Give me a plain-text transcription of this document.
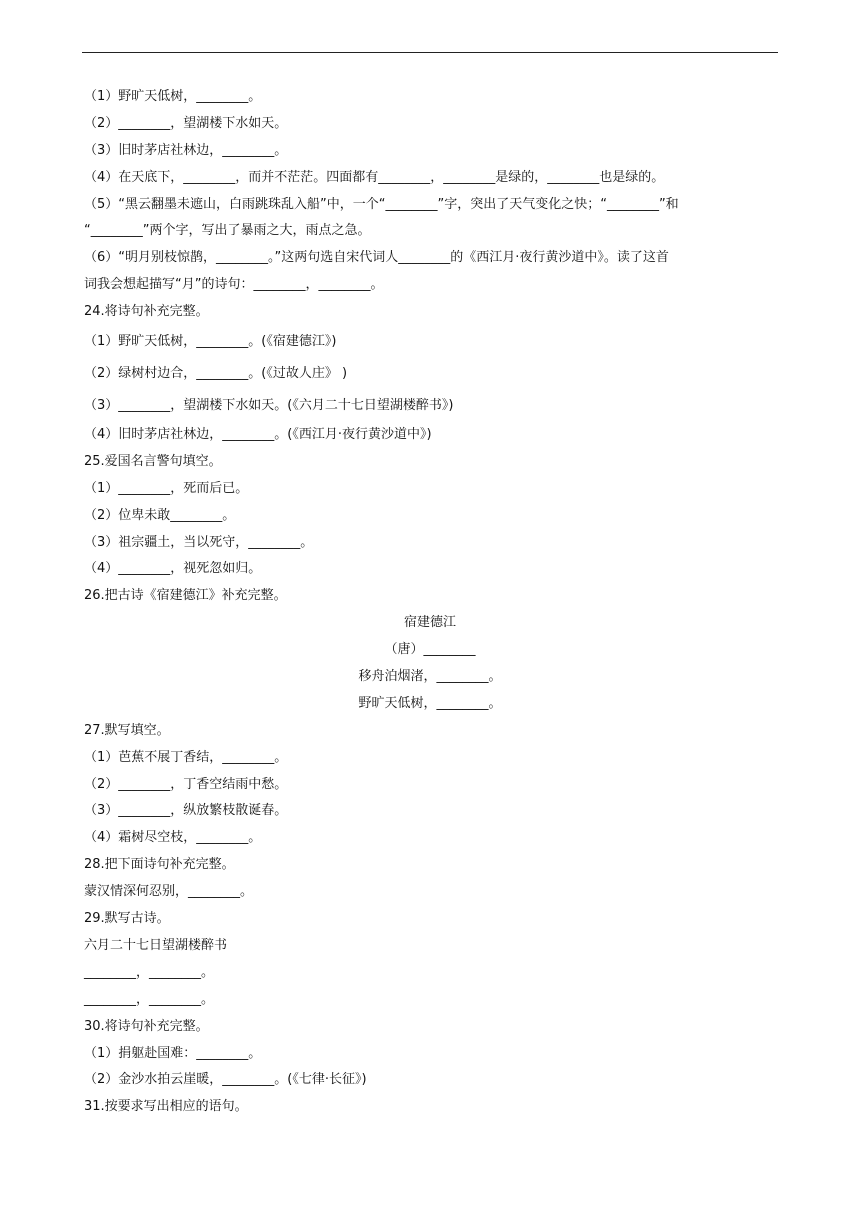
（1）野旷天低树，________。
（2）________，望湖楼下水如天。
（3）旧时茅店社林边，________。
（4）在天底下，________，而并不茫茫。四面都有________，________是绿的，________也是绿的。
（5）“黑云翻墨未遮山，白雨跳珠乱入船”中，一个“________”字，突出了天气变化之快；“________”和
“________”两个字，写出了暴雨之大，雨点之急。
（6）“明月别枝惊鹊，________。”这两句选自宋代词人________的《西江月·夜行黄沙道中》。读了这首
词我会想起描写“月”的诗句：________，________。
24.将诗句补充完整。
（1）野旷天低树，________。(《宿建德江》)
（2）绿树村边合，________。(《过故人庄》 )
（3）________，望湖楼下水如天。(《六月二十七日望湖楼醉书》)
（4）旧时茅店社林边，________。(《西江月·夜行黄沙道中》)
25.爱国名言警句填空。
（1）________，死而后已。
（2）位卑未敢________。
（3）祖宗疆土，当以死守，________。
（4）________，视死忽如归。
26.把古诗《宿建德江》补充完整。
宿建德江
（唐）________
移舟泊烟渚，________。
野旷天低树，________。
27.默写填空。
（1）芭蕉不展丁香结，________。
（2）________，丁香空结雨中愁。
（3）________，纵放繁枝散诞春。
（4）霜树尽空枝，________。
28.把下面诗句补充完整。
蒙汉情深何忍别，________。
29.默写古诗。
六月二十七日望湖楼醉书
________，________。
________，________。
30.将诗句补充完整。
（1）捐躯赴国难：________。
（2）金沙水拍云崖暖，________。(《七律·长征》)
31.按要求写出相应的语句。
